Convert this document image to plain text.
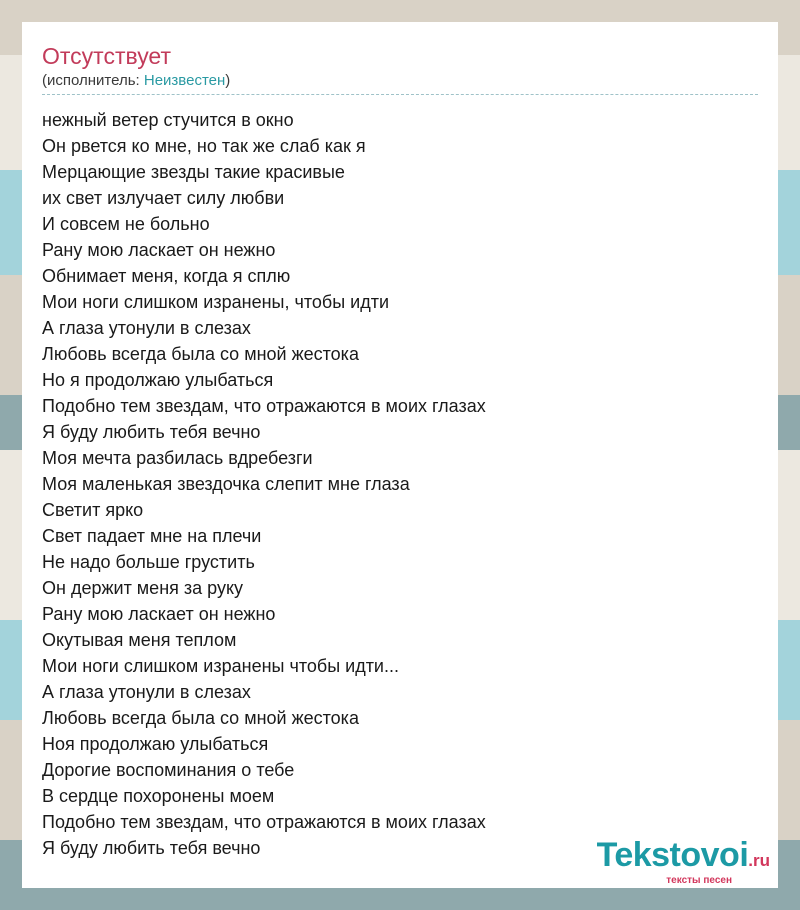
Отсутствует
(исполнитель: Неизвестен)
нежный ветер стучится в окно
Он рвется ко мне, но так же слаб как я
Мерцающие звезды такие красивые
их свет излучает силу любви
И совсем не больно
Рану мою ласкает он нежно
Обнимает меня, когда я сплю
Мои ноги слишком изранены, чтобы идти
А глаза утонули в слезах
Любовь всегда была со мной жестока
Но я продолжаю улыбаться
Подобно тем звездам, что отражаются в моих глазах
Я буду любить тебя вечно
Моя мечта разбилась вдребезги
Моя маленькая звездочка слепит мне глаза
Светит ярко
Свет падает мне на плечи
Не надо больше грустить
Он держит меня за руку
Рану мою ласкает он нежно
Окутывая меня теплом
Мои ноги слишком изранены чтобы идти...
А глаза утонули в слезах
Любовь всегда была со мной жестока
Ноя продолжаю улыбаться
Дорогие воспоминания о тебе
В сердце похоронены моем
Подобно тем звездам, что отражаются в моих глазах
Я буду любить тебя вечно	Tekstovoi.ru
тексты песен
